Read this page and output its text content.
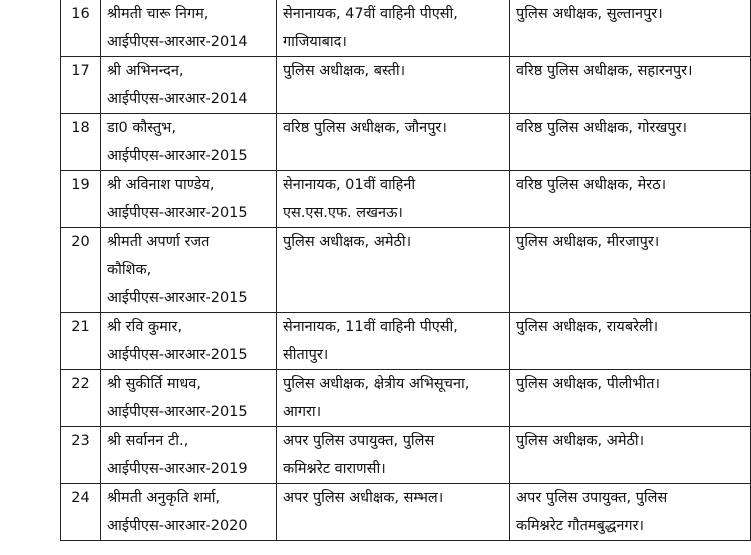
16	श्रीमती चारू निगम,
आईपीएस-आरआर-2014	सेनानायक, 47वीं वाहिनी पीएसी,
गाजियाबाद।	पुलिस अधीक्षक, सुल्तानपुर।

17	श्री अभिनन्दन,
आईपीएस-आरआर-2014	पुलिस अधीक्षक, बस्ती।	वरिष्ठ पुलिस अधीक्षक, सहारनपुर।

18	डा0 कौस्तुभ,
आईपीएस-आरआर-2015	वरिष्ठ पुलिस अधीक्षक, जौनपुर।	वरिष्ठ पुलिस अधीक्षक, गोरखपुर।

19	श्री अविनाश पाण्डेय,
आईपीएस-आरआर-2015	सेनानायक, 01वीं वाहिनी
एस.एस.एफ. लखनऊ।	वरिष्ठ पुलिस अधीक्षक, मेरठ।

20	श्रीमती अपर्णा रजत
कौशिक,
आईपीएस-आरआर-2015	पुलिस अधीक्षक, अमेठी।	पुलिस अधीक्षक, मीरजापुर।

21	श्री रवि कुमार,
आईपीएस-आरआर-2015	सेनानायक, 11वीं वाहिनी पीएसी,
सीतापुर।	पुलिस अधीक्षक, रायबरेली।

22	श्री सुकीर्ति माधव,
आईपीएस-आरआर-2015	पुलिस अधीक्षक, क्षेत्रीय अभिसूचना,
आगरा।	पुलिस अधीक्षक, पीलीभीत।

23	श्री सर्वानन टी.,
आईपीएस-आरआर-2019	अपर पुलिस उपायुक्त, पुलिस
कमिश्नरेट वाराणसी।	पुलिस अधीक्षक, अमेठी।

24	श्रीमती अनुकृति शर्मा,
आईपीएस-आरआर-2020	अपर पुलिस अधीक्षक, सम्भल।	अपर पुलिस उपायुक्त, पुलिस
कमिश्नरेट गौतमबुद्धनगर।
